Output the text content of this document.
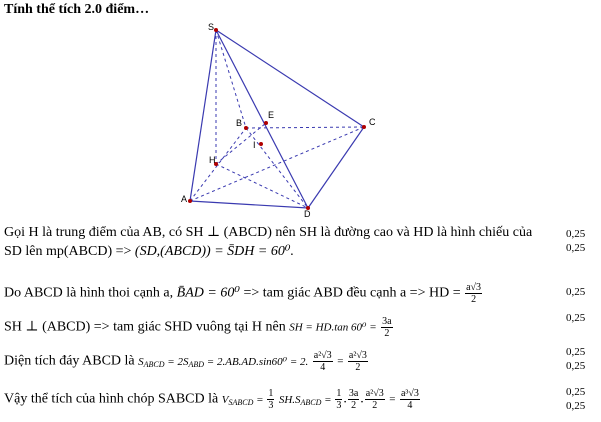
Tính thể tích 2.0 điểm…
S
B
E
C
I
H
A
D
Gọi H là trung điểm của AB, có SH ⊥ (ABCD) nên SH là đường cao và HD là hình chiếu của
SD lên mp(ABCD) => (SD,(ABCD)) = S̄DH = 60⁰.
Do ABCD là hình thoi cạnh a, B̄AD = 60⁰ => tam giác ABD đều cạnh a => HD = $\frac{a√3}{2}$
SH ⊥ (ABCD) => tam giác SHD vuông tại H nên SH = HD.tan $60^0 = \frac{3a}{2}$
Diện tích đáy ABCD là $S_{ABCD} = 2S_{ABD} = 2.AB.AD.\sin 60^0 = 2$. $\frac{\text{a²√3}}{4} = \frac{\text{a²√3}}{2}$
Vậy thể tích của hình chóp SABCD là $V_{SABCD} = \frac{1}{3} SH.S_{ABCD} = \frac{1}{3}$ . $\frac{3a}{2}$ . $\frac{\text{a²√3}}{2} = \frac{\text{a³√3}}{4}$
0,25
0,25
0,25
0,25
0,25
0,25
0,25
0,25
